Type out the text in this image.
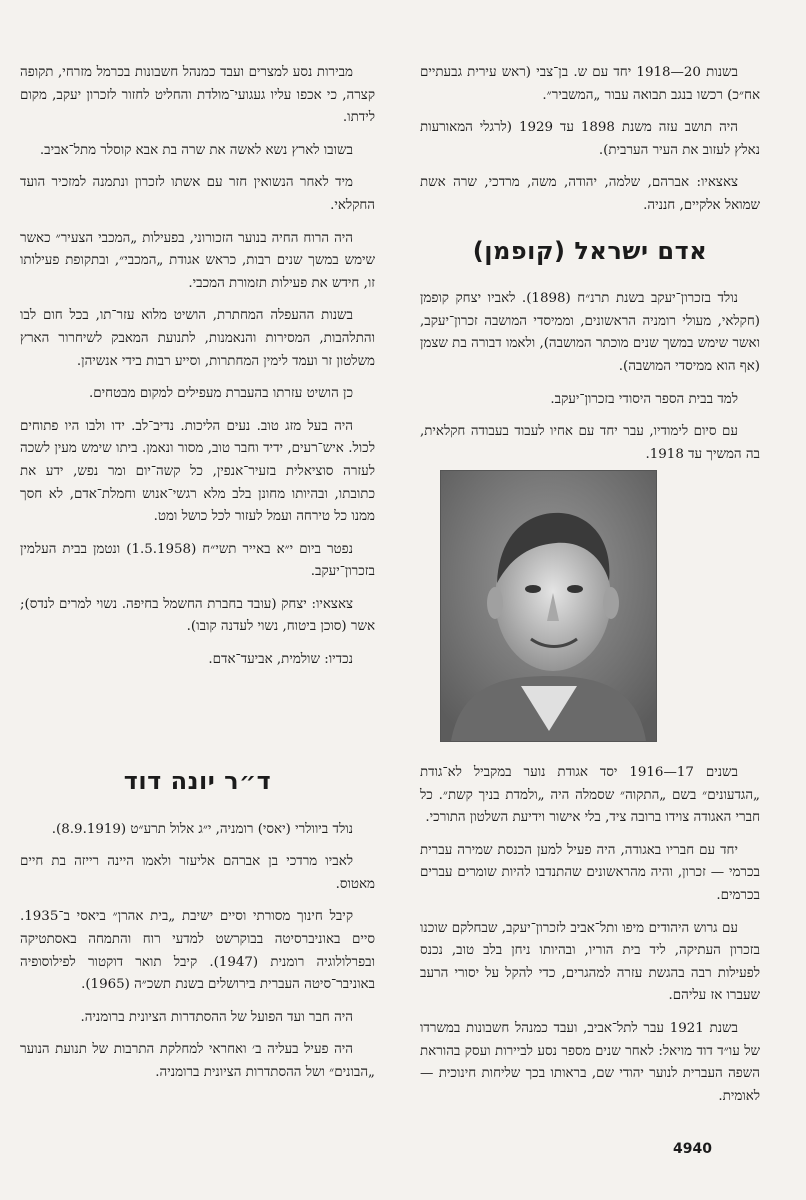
בשנות 20—1918 יחד עם ש. בן־צבי (ראש עירית גבעתיים אח״כ) רכשו בנגב תבואה עבור „המשביר״.

היה תושב עזה משנת 1898 עד 1929 (לרגלי המאורעות נאלץ לעזוב את העיר הערבית).

צאצאיו: אברהם, שלמה, יהודה, משה, מרדכי, שרה אשת שמואל אלקיים, חנניה.

אדם ישראל (קופמן)

נולד בזכרון־יעקב בשנת תרנ״ח (1898). לאביו יצחק קופמן (חקלאי, מעולי רומניה הראשונים, וממיסדי המושבה זכרון־יעקב, ואשר שימש במשך שנים מוכתר המושבה), ולאמו דבורה בת שצמן (אף הוא ממיסדי המושבה).

למד בבית הספר היסודי בזכרון־יעקב.

עם סיום לימודיו, עבר יחד עם אחיו לעבוד בעבודה חקלאית, בה המשיך עד 1918.

בשנים 17—1916 יסד אגודת נוער במקביל לא־גודת „הגדעונים״ בשם „התקוה״ שסמלה היה „ולמדת בניך קשת״. כל חברי האגודה צוידו ברובה ציד, בלי אישור וידיעת השלטון התורכי.

יחד עם חבריו באגודה, היה פעיל למען הכנסת שמירה עברית בכרמי — זכרון, והיה מהראשונים שהתנדבו להיות שומרים עברים בכרמים.

עם גרוש היהודים מיפו ותל־אביב לזכרון־יעקב, שבחלקם שוכנו בזכרון העתיקה, ליד בית הוריו, ובהיותו ניחן בלב טוב, נכנס לפעילות רבה בהגשת עזרה למהגרים, כדי להקל על יסורי הרעב שעברו אז עליהם.

בשנת 1921 עבר לתל־אביב, ועבד כמנהל חשבונות במשרדו של עו״ד דוד מויאל: לאחר שנים מספר נסע לביירות ועסק בהוראת השפה העברית לנוער יהודי שם, בראותו בכך שליחות חינוכית — לאומית.

מבירות נסע למצרים ועבד כמנהל חשבונות בכרמל מזרחי, תקופה קצרה, כי אכפו עליו געגועי־מולדת והחליט לחזור לזכרון יעקב, מקום לידתו.

בשובו לארץ נשא לאשה את שרה בת אבא קוסלר מתל־אביב.

מיד לאחר הנשואין חזר עם אשתו לזכרון ונתמנה למזכיר הועד החקלאי.

היה הרוח החיה בנוער הזכורוני, בפעילות „המכבי הצעיר״ כאשר שימש במשך שנים רבות, כראש אגודת „המכבי״, ובתקופת פעילותו זו, חידש את פעילות תזמורת המכבי.

בשנות ההעפלה המחתרת, הושיט מלוא עזר־תו, בכל חום לבו והתלהבות, המסירות והנאמנות, לתנועת המאבק לשיחרור הארץ משלטון זר ועמד לימין המחתרות, וסייע רבות בידי אנשיהן.

כן הושיט עזרתו בהעברת מעפילים למקום מבטחים.

היה בעל מזג טוב. נעים הליכות. נדיב־לב. ידו ולבו היו פתוחים לכול. איש־רעים, ידיד וחבר טוב, מסור ונאמן. ביתו שימש מעין לשכה לעזרה סוציאלית בזעיר־אנפין, כל קשה־יום ומר נפש, ידע את כתובתו, ובהיותו מחונן בלב מלא רגשי־אנוש וחמלת־אדם, לא חסך ממנו כל טירחה ועמל לעזור לכל כושל ומט.

נפטר ביום י״א באייר תשי״ח (1.5.1958) ונטמן בבית העלמין בזכרון־יעקב.

צאצאיו: יצחק (עובד בחברת החשמל בחיפה. נשוי למרים לנדס); אשר (סוכן ביטוח, נשוי לעדנה קובו).

נכדיו: שולמית, אביעד־אדם.

ד״ר יונה דוד

נולד ביוולרי (יאסי) רומניה, י״ג אלול תרע״ט (8.9.1919).

לאביו מרדכי בן אברהם אליעזר ולאמו היינה רייזה בת חיים מאטוס.

קיבל חינוך מסורתי וסיים ישיבת „בית אהרן״ ביאסי ב־1935. סיים באוניברסיטה בבוקרשט למדעי רוח והתמחה באסתטיקה ובפרלולוגיה רומנית (1947). קיבל תואר דוקטור לפילוסופיה באוניבר־סיטה העברית בירושלים בשנת תשכ״ה (1965).

היה חבר ועד הפועל של ההסתדרות הציונית ברומניה.

היה פעיל בעליה ב׳ ואחראי למחלקת התרבות של תנועת הנוער „הבונים״ ושל ההסתדרות הציונית ברומניה.

4940
